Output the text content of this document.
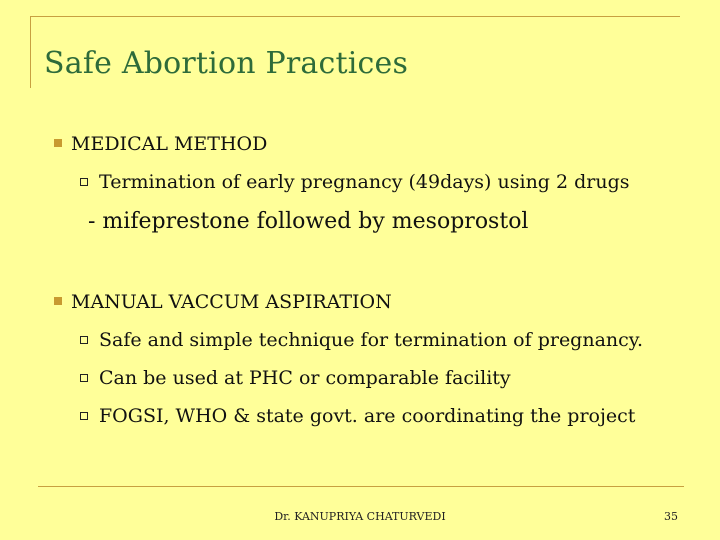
Safe Abortion Practices
MEDICAL METHOD
Termination of early pregnancy (49days) using 2 drugs
- mifeprestone followed by mesoprostol
MANUAL VACCUM ASPIRATION
Safe and simple technique for termination of pregnancy.
Can be used at PHC or comparable facility
FOGSI, WHO & state govt. are coordinating the project
Dr. KANUPRIYA CHATURVEDI	35
